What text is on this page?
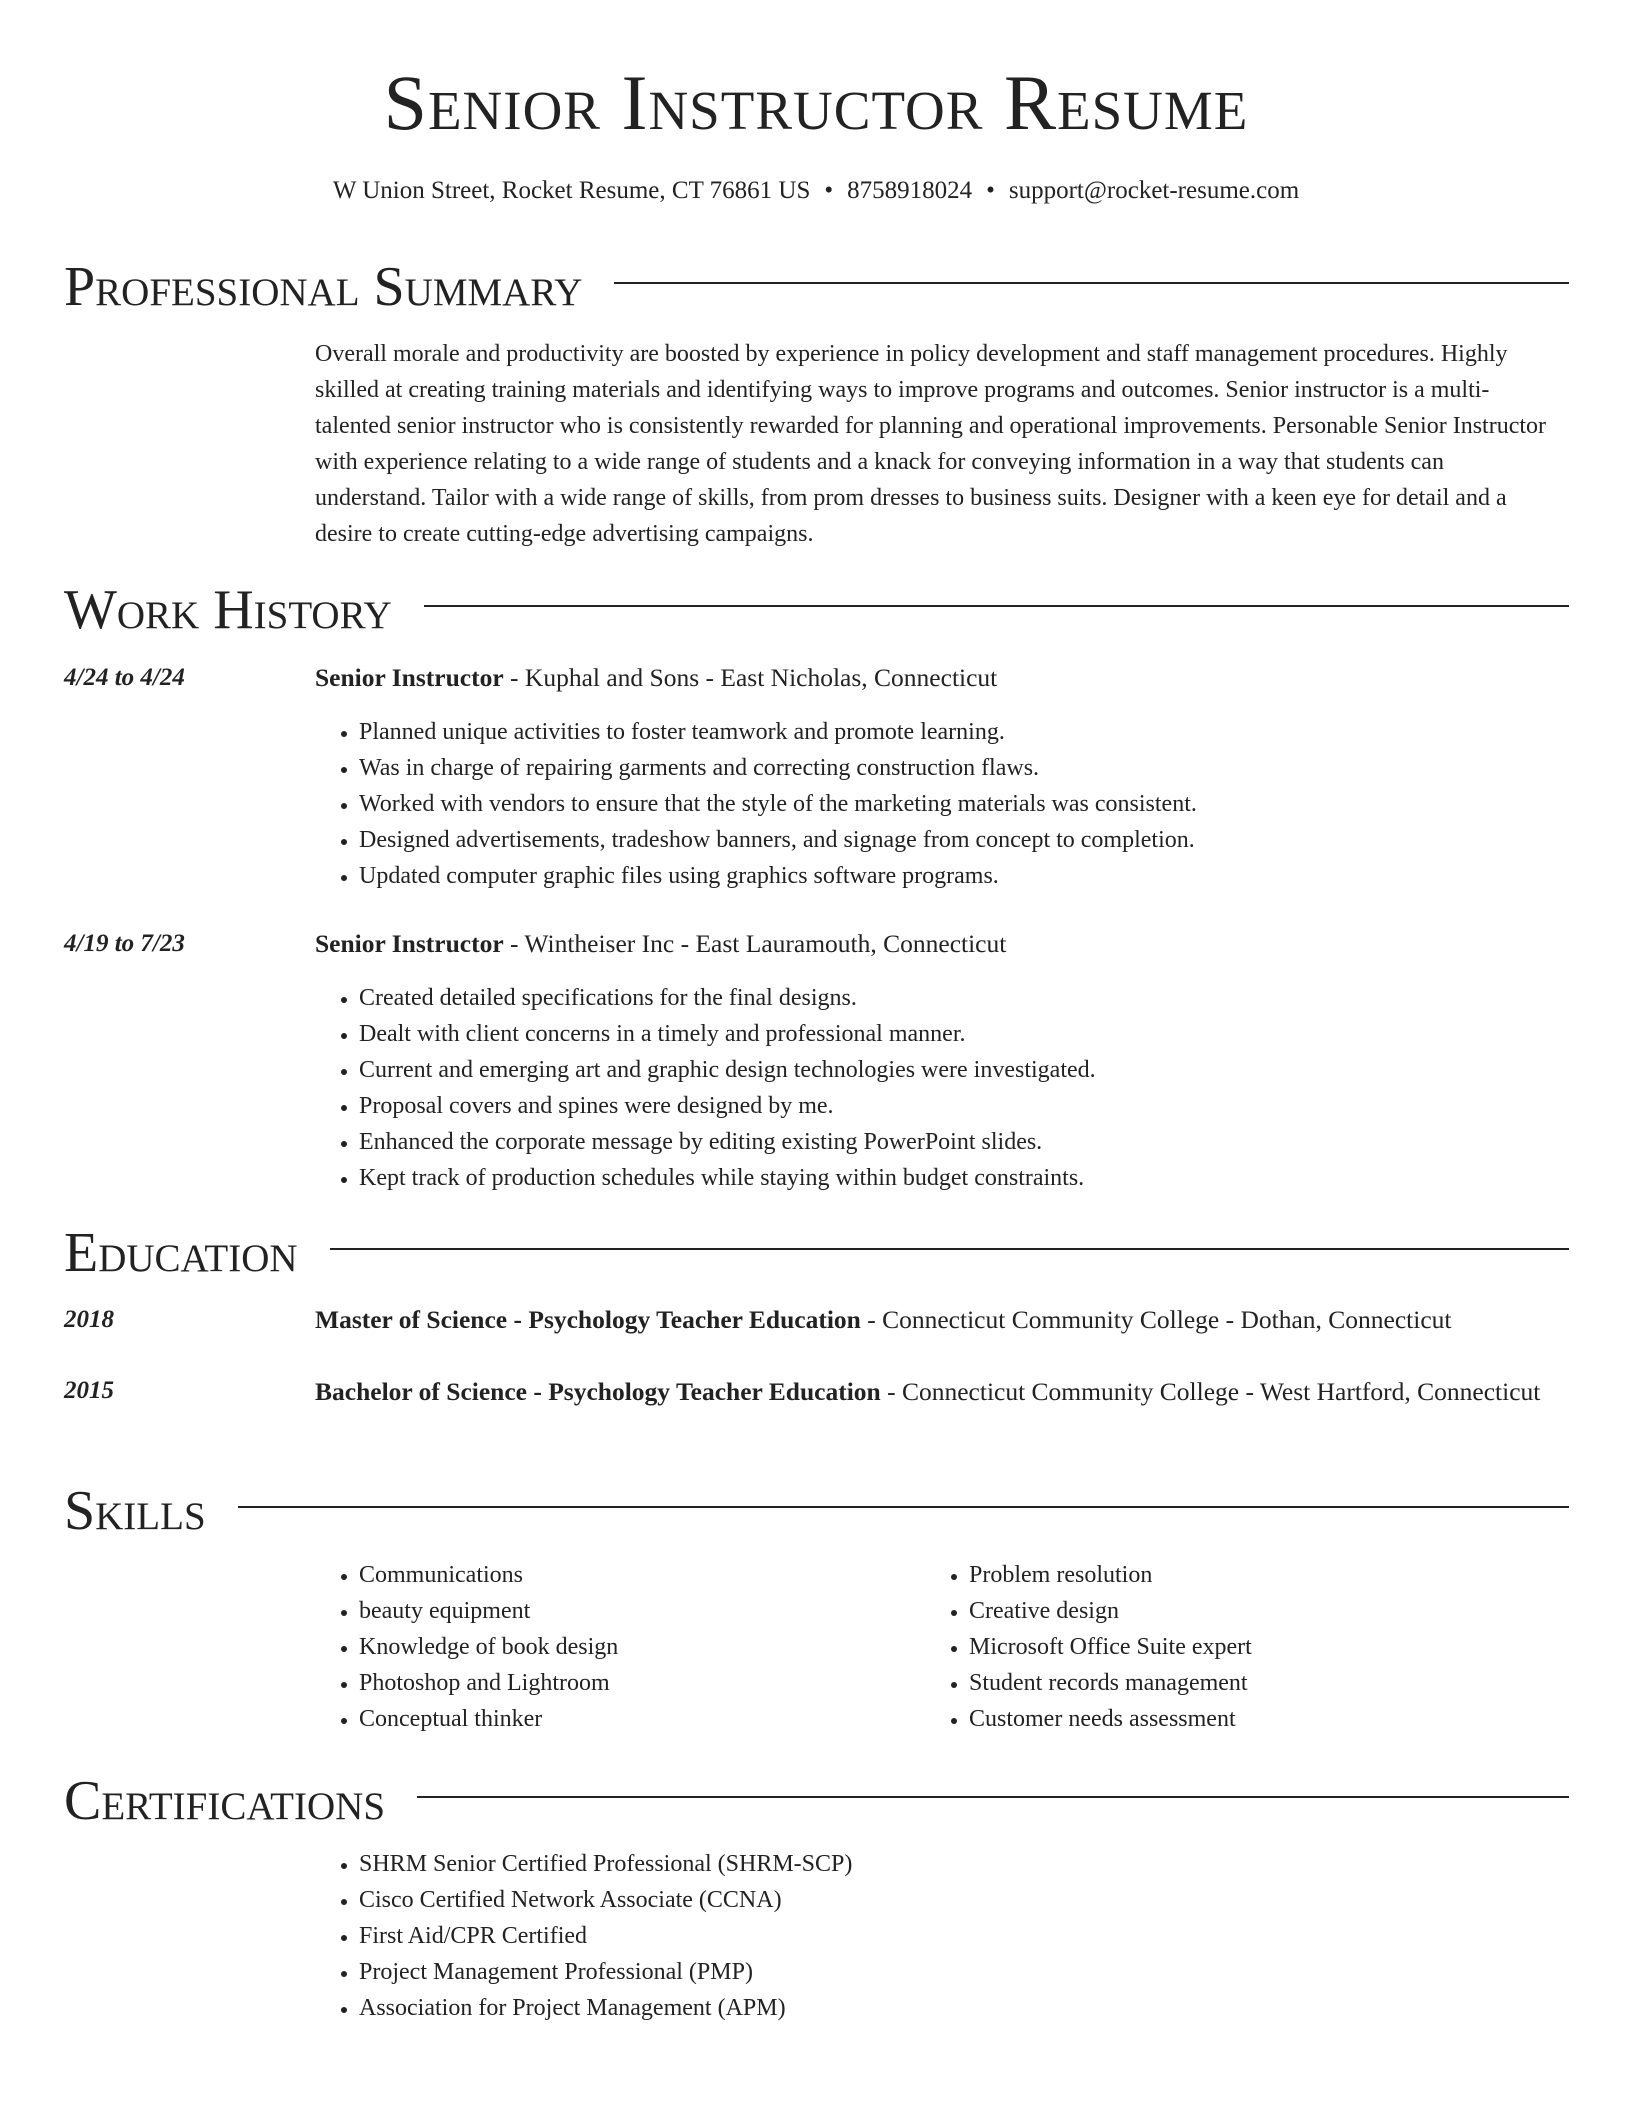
Senior Instructor Resume
W Union Street, Rocket Resume, CT 76861 US • 8758918024 • support@rocket-resume.com
Professional Summary
Overall morale and productivity are boosted by experience in policy development and staff management procedures. Highly skilled at creating training materials and identifying ways to improve programs and outcomes. Senior instructor is a multi-talented senior instructor who is consistently rewarded for planning and operational improvements. Personable Senior Instructor with experience relating to a wide range of students and a knack for conveying information in a way that students can understand. Tailor with a wide range of skills, from prom dresses to business suits. Designer with a keen eye for detail and a desire to create cutting-edge advertising campaigns.
Work History
4/24 to 4/24	Senior Instructor - Kuphal and Sons - East Nicholas, Connecticut
• Planned unique activities to foster teamwork and promote learning.
• Was in charge of repairing garments and correcting construction flaws.
• Worked with vendors to ensure that the style of the marketing materials was consistent.
• Designed advertisements, tradeshow banners, and signage from concept to completion.
• Updated computer graphic files using graphics software programs.
4/19 to 7/23	Senior Instructor - Wintheiser Inc - East Lauramouth, Connecticut
• Created detailed specifications for the final designs.
• Dealt with client concerns in a timely and professional manner.
• Current and emerging art and graphic design technologies were investigated.
• Proposal covers and spines were designed by me.
• Enhanced the corporate message by editing existing PowerPoint slides.
• Kept track of production schedules while staying within budget constraints.
Education
2018	Master of Science - Psychology Teacher Education - Connecticut Community College - Dothan, Connecticut
2015	Bachelor of Science - Psychology Teacher Education - Connecticut Community College - West Hartford, Connecticut
Skills
• Communications
• beauty equipment
• Knowledge of book design
• Photoshop and Lightroom
• Conceptual thinker
• Problem resolution
• Creative design
• Microsoft Office Suite expert
• Student records management
• Customer needs assessment
Certifications
• SHRM Senior Certified Professional (SHRM-SCP)
• Cisco Certified Network Associate (CCNA)
• First Aid/CPR Certified
• Project Management Professional (PMP)
• Association for Project Management (APM)
